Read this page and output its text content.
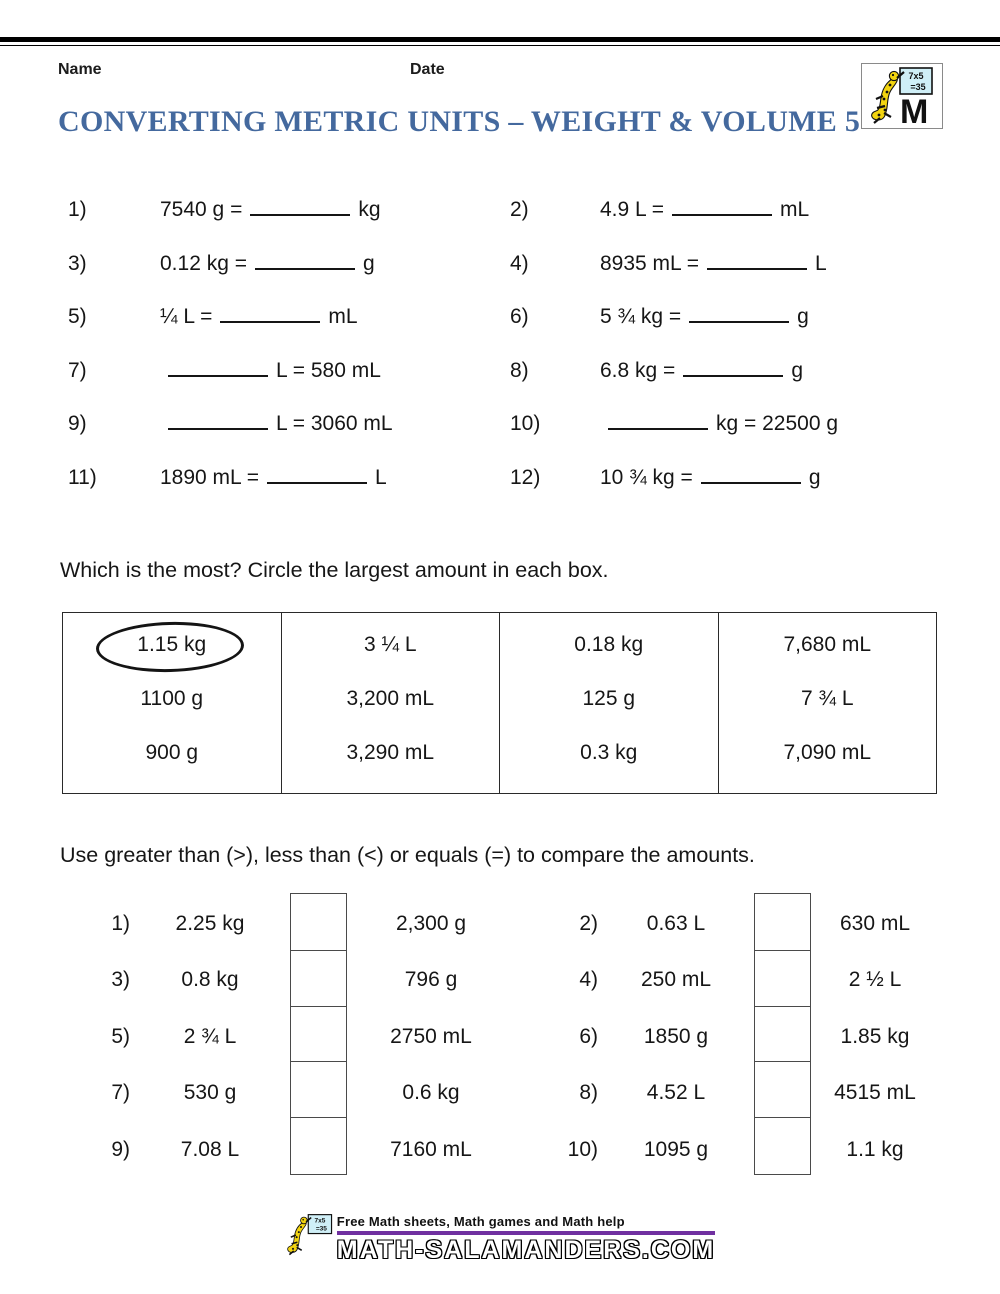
Name	Date
M
CONVERTING METRIC UNITS – WEIGHT & VOLUME 5
1)	7540 g =	kg	2)	4.9 L =	mL
3)	0.12 kg =	g	4)	8935 mL =	L
5)	¼ L =	mL	6)	5 ¾ kg =	g
7)	L = 580 mL	8)	6.8 kg =	g
9)	L = 3060 mL	10)	kg = 22500 g
11)	1890 mL =	L	12)	10 ¾ kg =	g
Which is the most? Circle the largest amount in each box.
1.15 kg
1100 g
900 g
3 ¼ L
3,200 mL
3,290 mL
0.18 kg
125 g
0.3 kg
7,680 mL
7 ¾ L
7,090 mL
Use greater than (>), less than (<) or equals (=) to compare the amounts.
1)	2.25 kg	2,300 g	2)	0.63 L	630 mL
3)	0.8 kg	796 g	4)	250 mL	2 ½ L
5)	2 ¾ L	2750 mL	6)	1850 g	1.85 kg
7)	530 g	0.6 kg	8)	4.52 L	4515 mL
9)	7.08 L	7160 mL	10)	1095 g	1.1 kg
Free Math sheets, Math games and Math help
MATH-SALAMANDERS.COM
